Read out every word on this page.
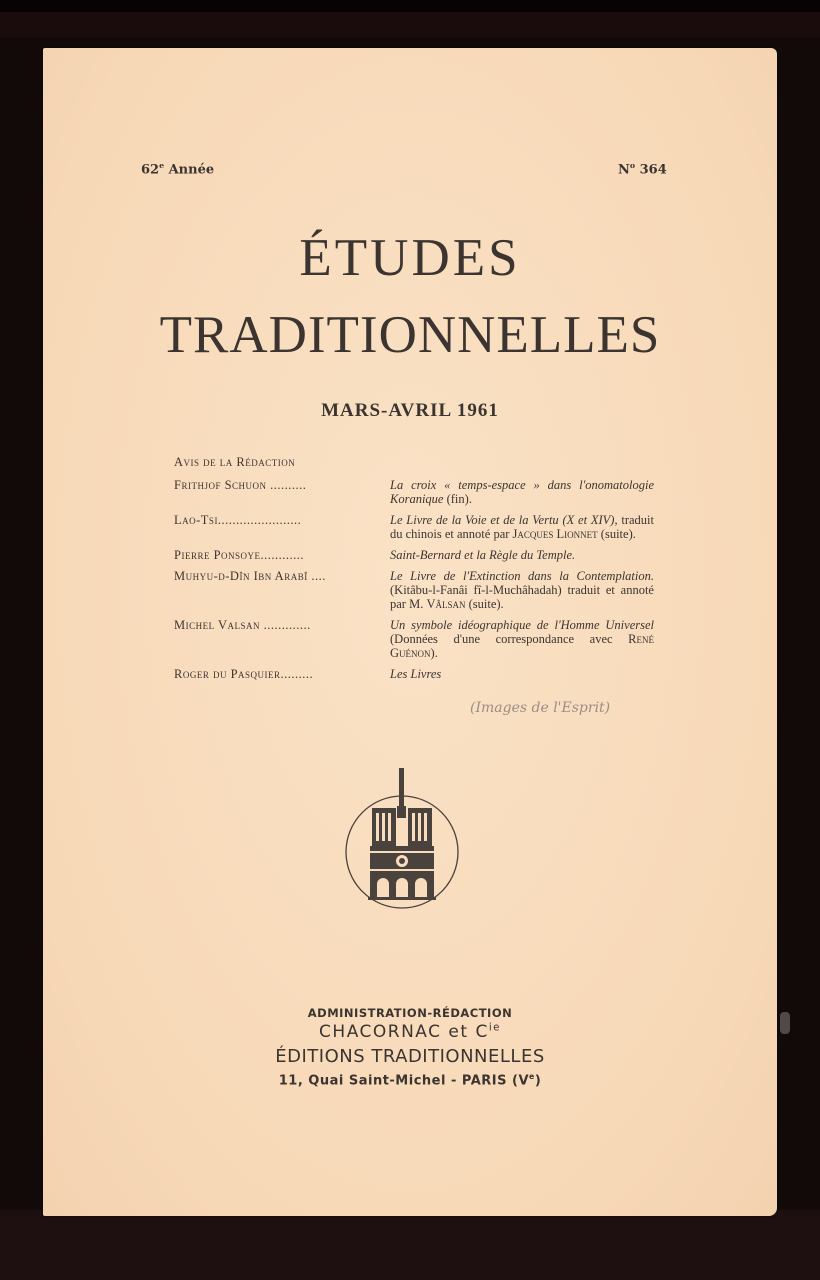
62e Année	$N^o$ 364
ÉTUDES
TRADITIONNELLES
MARS-AVRIL 1961
Avis de la Rédaction
Frithjof Schuon ..........	La croix « temps-espace » dans l'onomatologie Koranique (fin).
Lao-Tsi.......................	Le Livre de la Voie et de la Vertu (X et XIV), traduit du chinois et annoté par Jacques Lionnet (suite).
Pierre Ponsoye............	Saint-Bernard et la Règle du Temple.
Muhyu-d-Dîn Ibn Arabî ....	Le Livre de l'Extinction dans la Contemplation. (Kitâbu-l-Fanâi fî-l-Muchâhadah) traduit et annoté par M. Vâlsan (suite).
Michel Valsan .............	Un symbole idéographique de l'Homme Universel (Données d'une correspondance avec René Guénon).
Roger du Pasquier.........	Les Livres
(Images de l'Esprit)
ADMINISTRATION-RÉDACTION
CHACORNAC et $C^{ie}$
ÉDITIONS TRADITIONNELLES
11, Quai Saint-Michel - PARIS (Ve)
